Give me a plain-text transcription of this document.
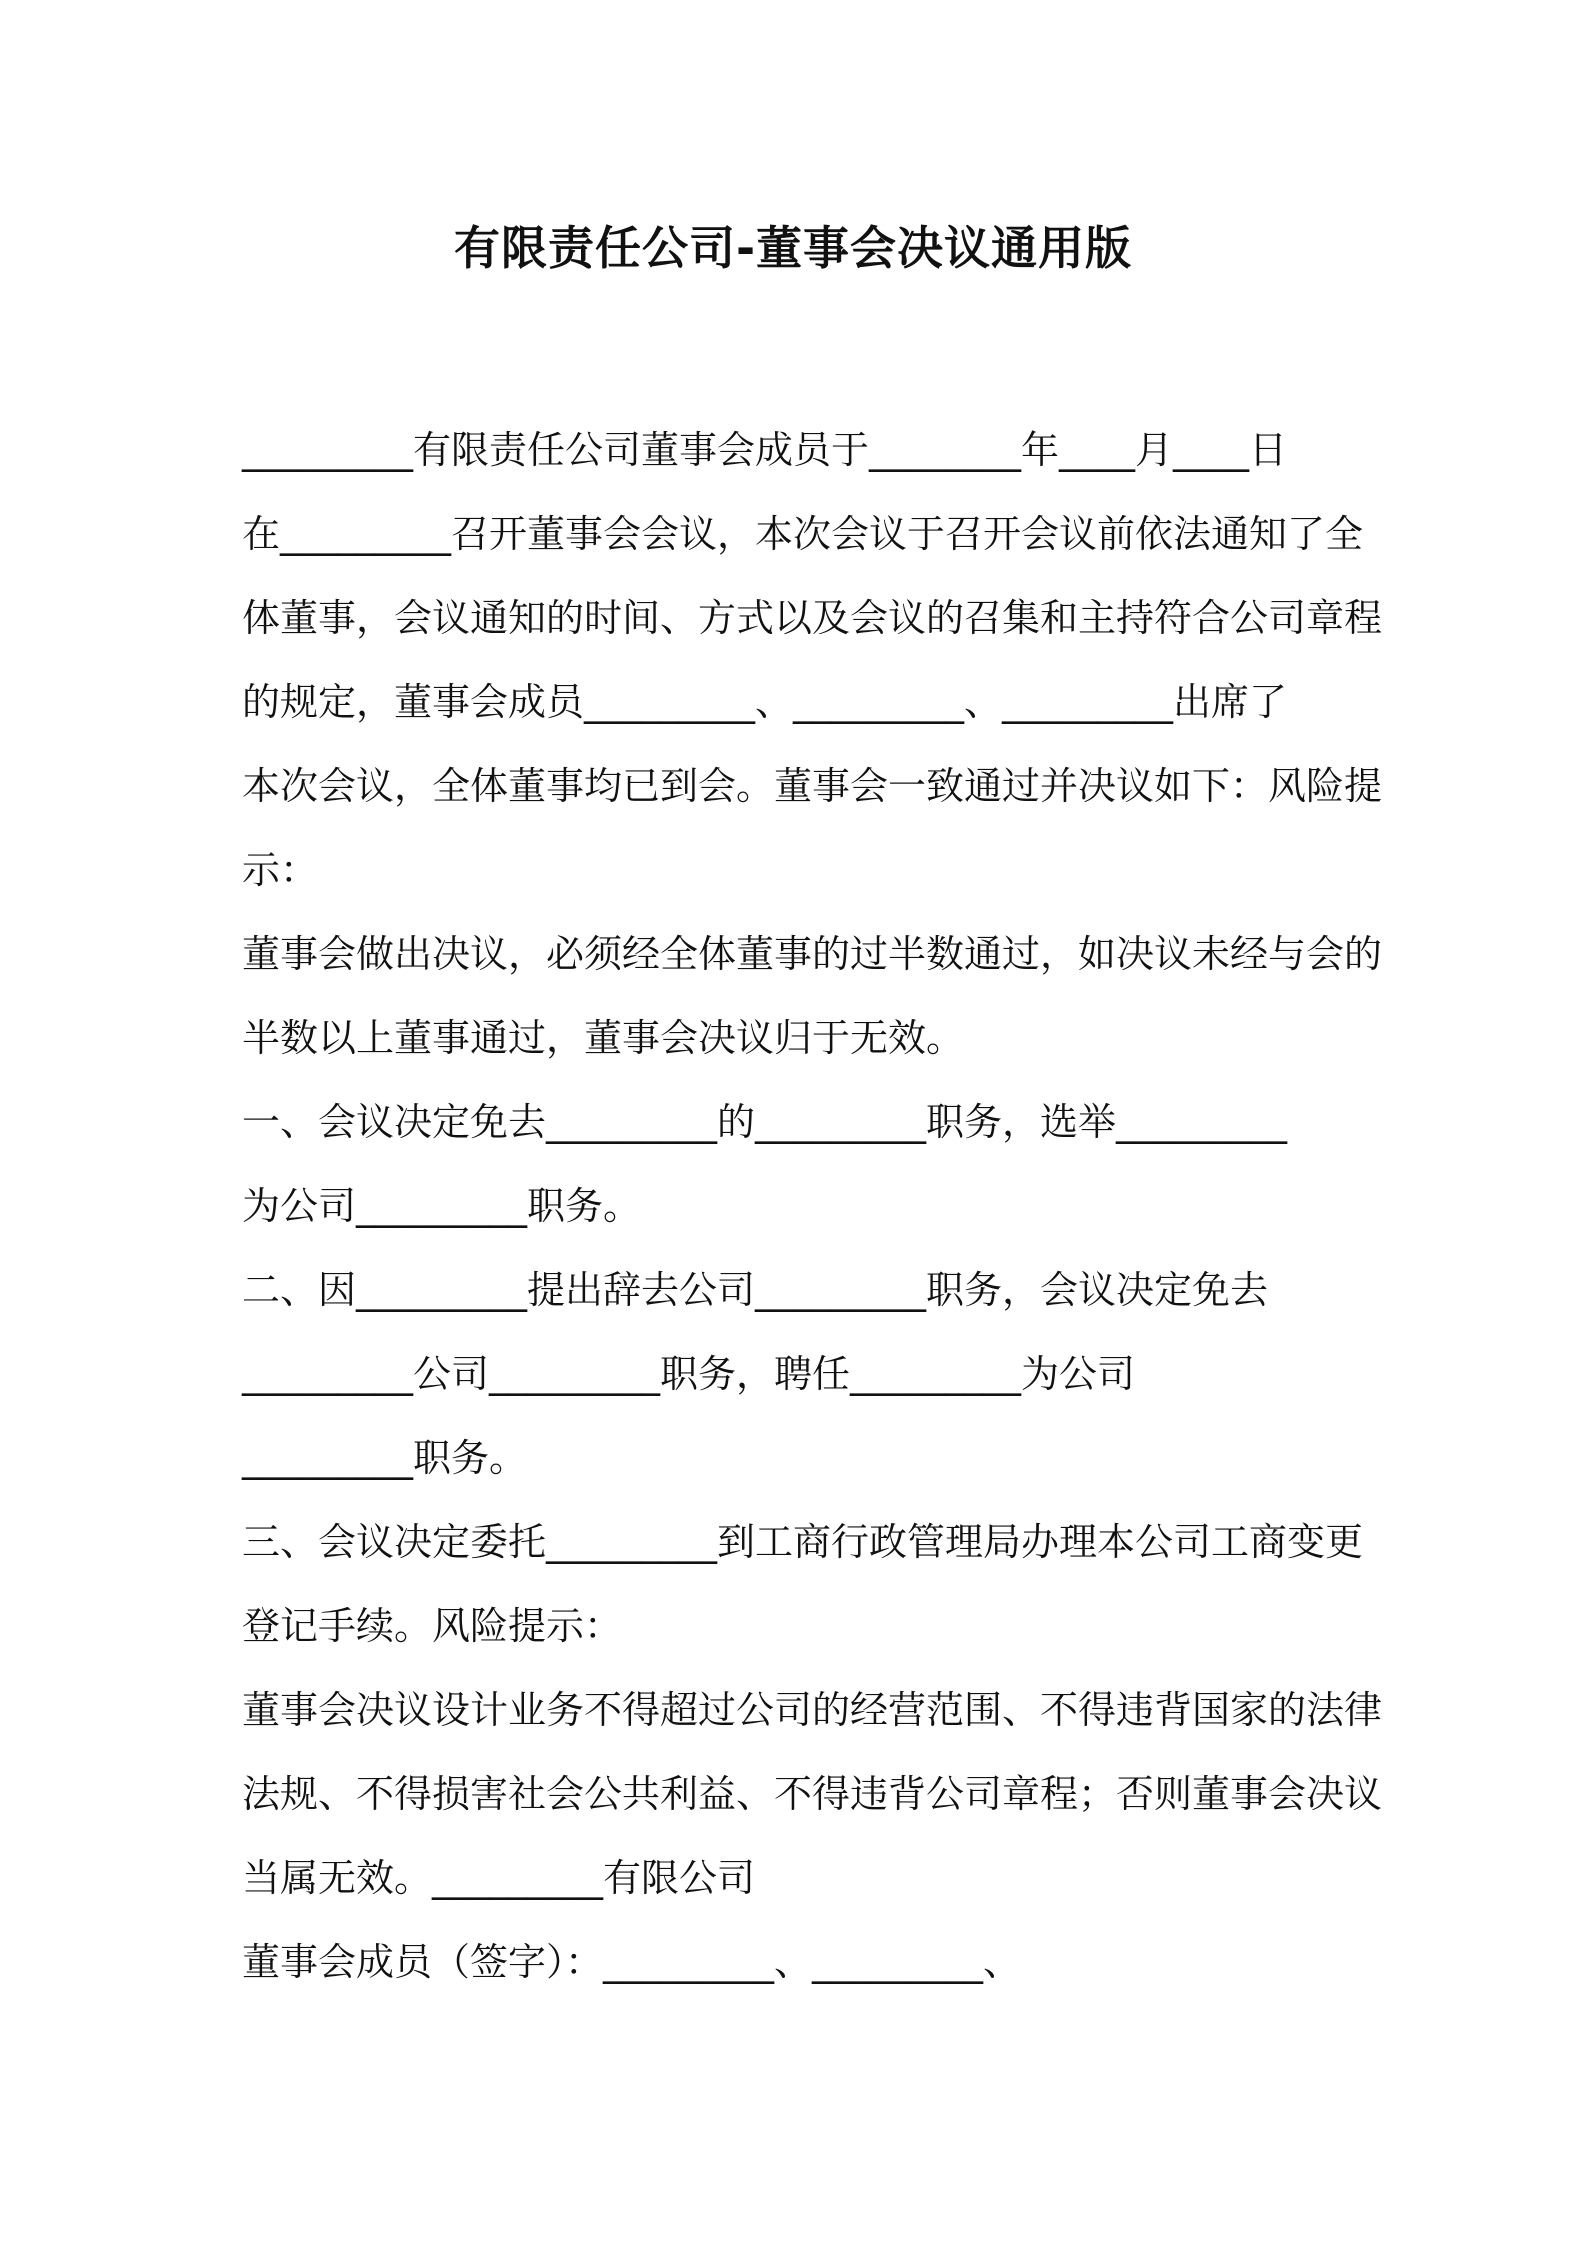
有限责任公司-董事会决议通用版

_________有限责任公司董事会成员于________年____月____日

在_________召开董事会会议，本次会议于召开会议前依法通知了全

体董事，会议通知的时间、方式以及会议的召集和主持符合公司章程

的规定，董事会成员_________、_________、_________出席了

本次会议，全体董事均已到会。董事会一致通过并决议如下：风险提

示：

董事会做出决议，必须经全体董事的过半数通过，如决议未经与会的

半数以上董事通过，董事会决议归于无效。

一、会议决定免去_________的_________职务，选举_________

为公司_________职务。

二、因_________提出辞去公司_________职务，会议决定免去

_________公司_________职务，聘任_________为公司

_________职务。

三、会议决定委托_________到工商行政管理局办理本公司工商变更

登记手续。风险提示：

董事会决议设计业务不得超过公司的经营范围、不得违背国家的法律

法规、不得损害社会公共利益、不得违背公司章程；否则董事会决议

当属无效。_________有限公司

董事会成员（签字）：_________、_________、
